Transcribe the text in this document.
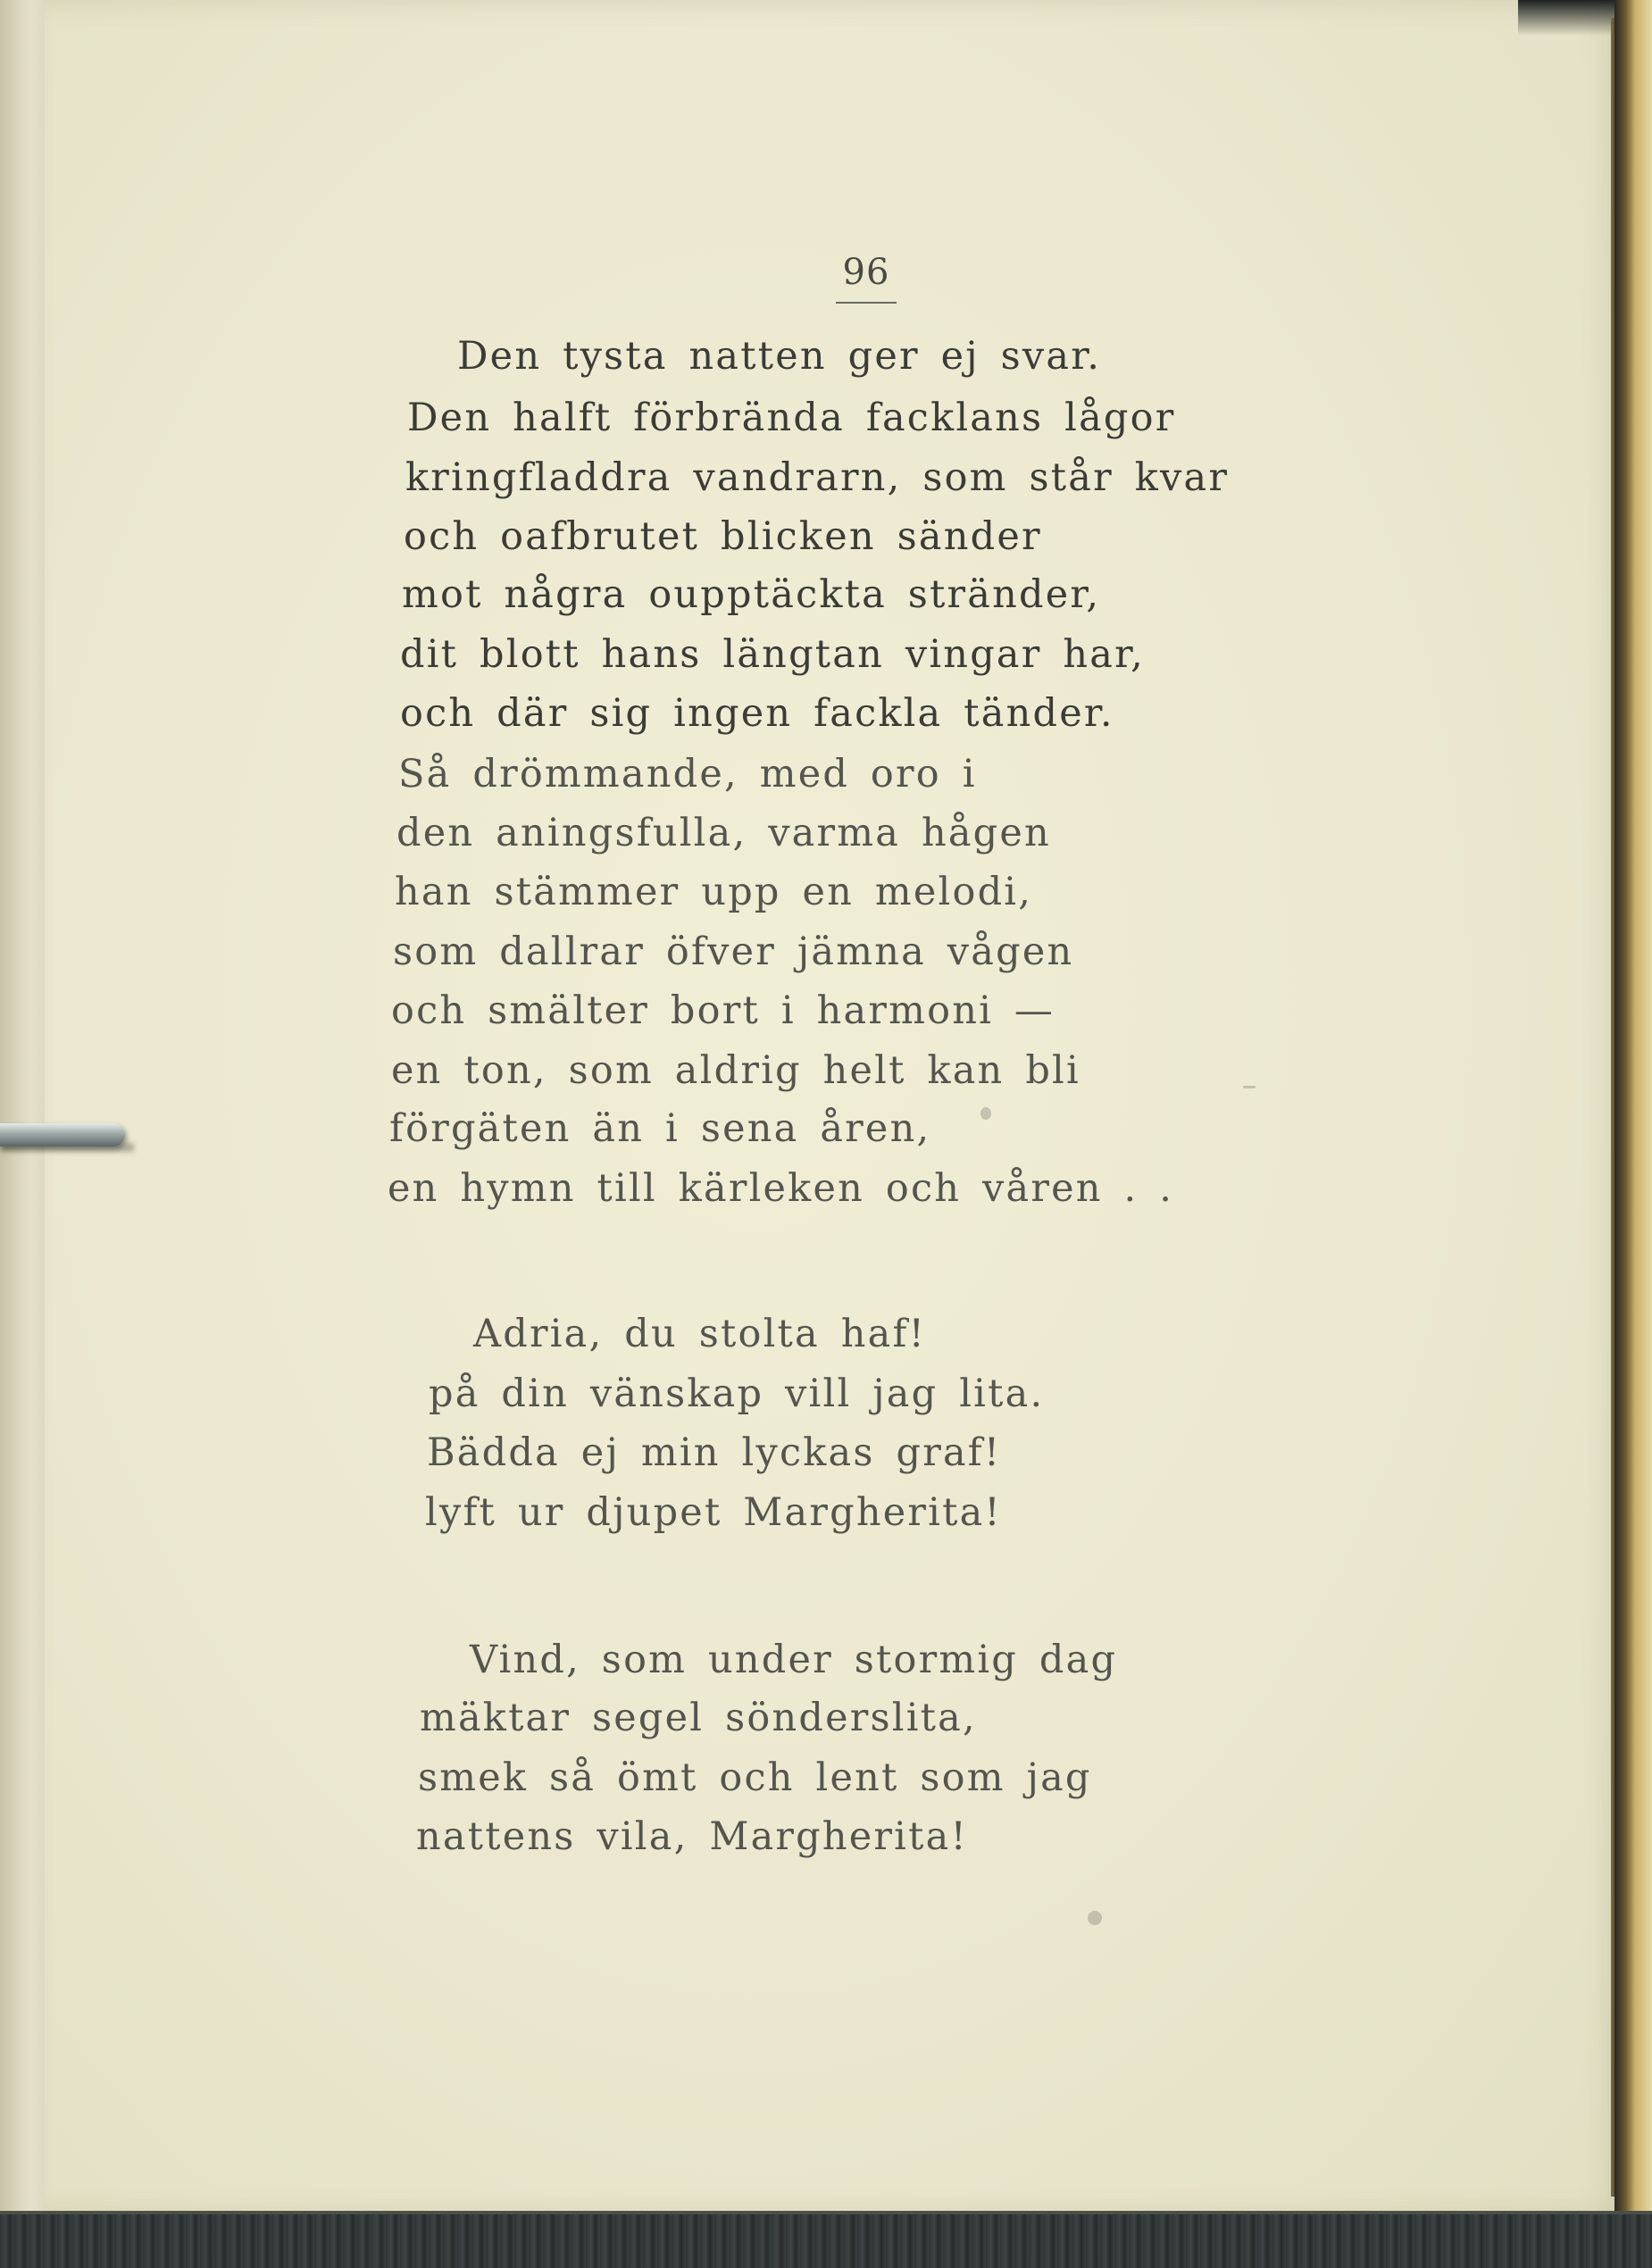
96
Den tysta natten ger ej svar.
Den halft förbrända facklans lågor
kringfladdra vandrarn, som står kvar
och oafbrutet blicken sänder
mot några oupptäckta stränder,
dit blott hans längtan vingar har,
och där sig ingen fackla tänder.
Så drömmande, med oro i
den aningsfulla, varma hågen
han stämmer upp en melodi,
som dallrar öfver jämna vågen
och smälter bort i harmoni —
en ton, som aldrig helt kan bli
förgäten än i sena åren,
en hymn till kärleken och våren . .
Adria, du stolta haf!
på din vänskap vill jag lita.
Bädda ej min lyckas graf!
lyft ur djupet Margherita!
Vind, som under stormig dag
mäktar segel sönderslita,
smek så ömt och lent som jag
nattens vila, Margherita!
